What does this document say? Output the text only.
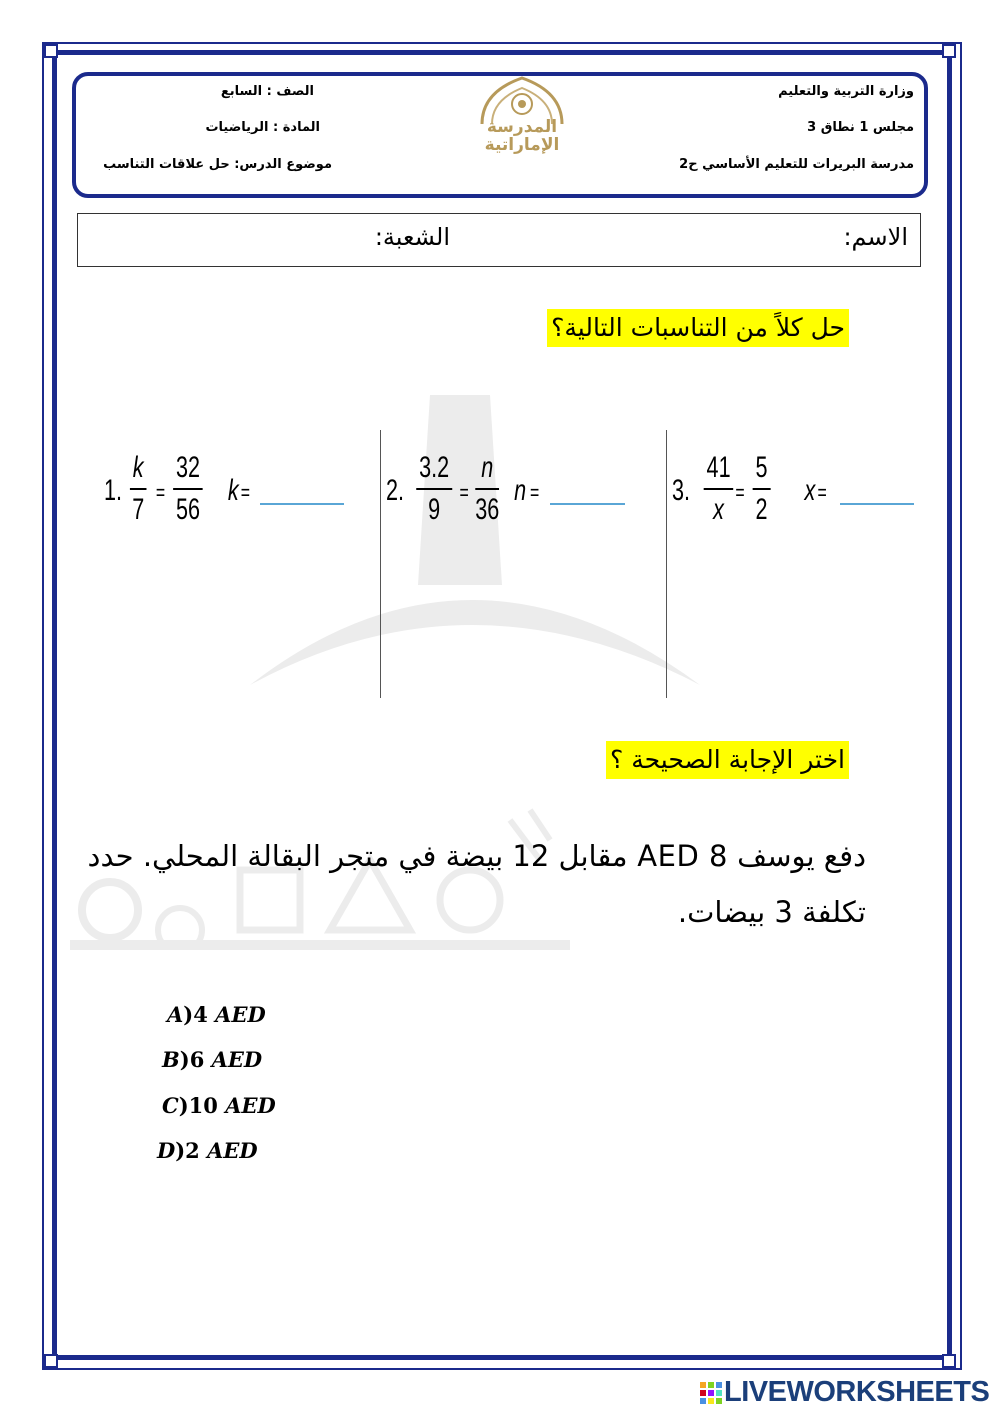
وزارة التربية والتعليم
مجلس 1 نطاق 3
مدرسة البريرات للتعليم الأساسي ح2
الصف : السابع
المادة : الرياضيات
موضوع الدرس: حل علاقات التناسب
المدرسة
الإماراتية
الاسم:
الشعبة:
حل كلاً من التناسبات التالية؟
1.
k
7
=
32
56
k =	2.
3.2
9
=
n
36
n =	3.
41
x
=
5
2
x =
اختر الإجابة الصحيحة ؟
دفع يوسف AED 8 مقابل 12 بيضة في متجر البقالة المحلي. حدد تكلفة 3 بيضات.
A)4 AED
B)6 AED
C)10 AED
D)2 AED
LIVEWORKSHEETS
